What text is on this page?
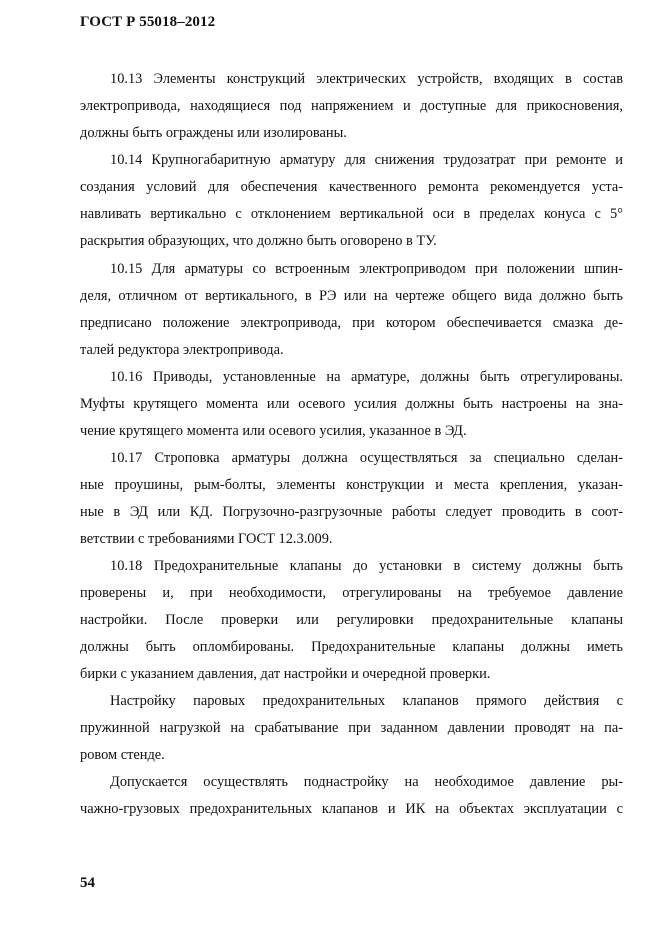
ГОСТ Р 55018–2012
10.13 Элементы конструкций электрических устройств, входящих в состав
электропривода, находящиеся под напряжением и доступные для прикосновения,
должны быть ограждены или изолированы.
10.14 Крупногабаритную арматуру для снижения трудозатрат при ремонте и
создания условий для обеспечения качественного ремонта рекомендуется уста-
навливать вертикально с отклонением вертикальной оси в пределах конуса с 5°
раскрытия образующих, что должно быть оговорено в ТУ.
10.15 Для арматуры со встроенным электроприводом при положении шпин-
деля, отличном от вертикального, в РЭ или на чертеже общего вида должно быть
предписано положение электропривода, при котором обеспечивается смазка де-
талей редуктора электропривода.
10.16 Приводы, установленные на арматуре, должны быть отрегулированы.
Муфты крутящего момента или осевого усилия должны быть настроены на зна-
чение крутящего момента или осевого усилия, указанное в ЭД.
10.17 Строповка арматуры должна осуществляться за специально сделан-
ные проушины, рым-болты, элементы конструкции и места крепления, указан-
ные в ЭД или КД. Погрузочно-разгрузочные работы следует проводить в соот-
ветствии с требованиями ГОСТ 12.3.009.
10.18 Предохранительные клапаны до установки в систему должны быть
проверены и, при необходимости, отрегулированы на требуемое давление
настройки. После проверки или регулировки предохранительные клапаны
должны быть опломбированы. Предохранительные клапаны должны иметь
бирки с указанием давления, дат настройки и очередной проверки.
Настройку паровых предохранительных клапанов прямого действия с
пружинной нагрузкой на срабатывание при заданном давлении проводят на па-
ровом стенде.
Допускается осуществлять поднастройку на необходимое давление ры-
чажно-грузовых предохранительных клапанов и ИК на объектах эксплуатации с
54
